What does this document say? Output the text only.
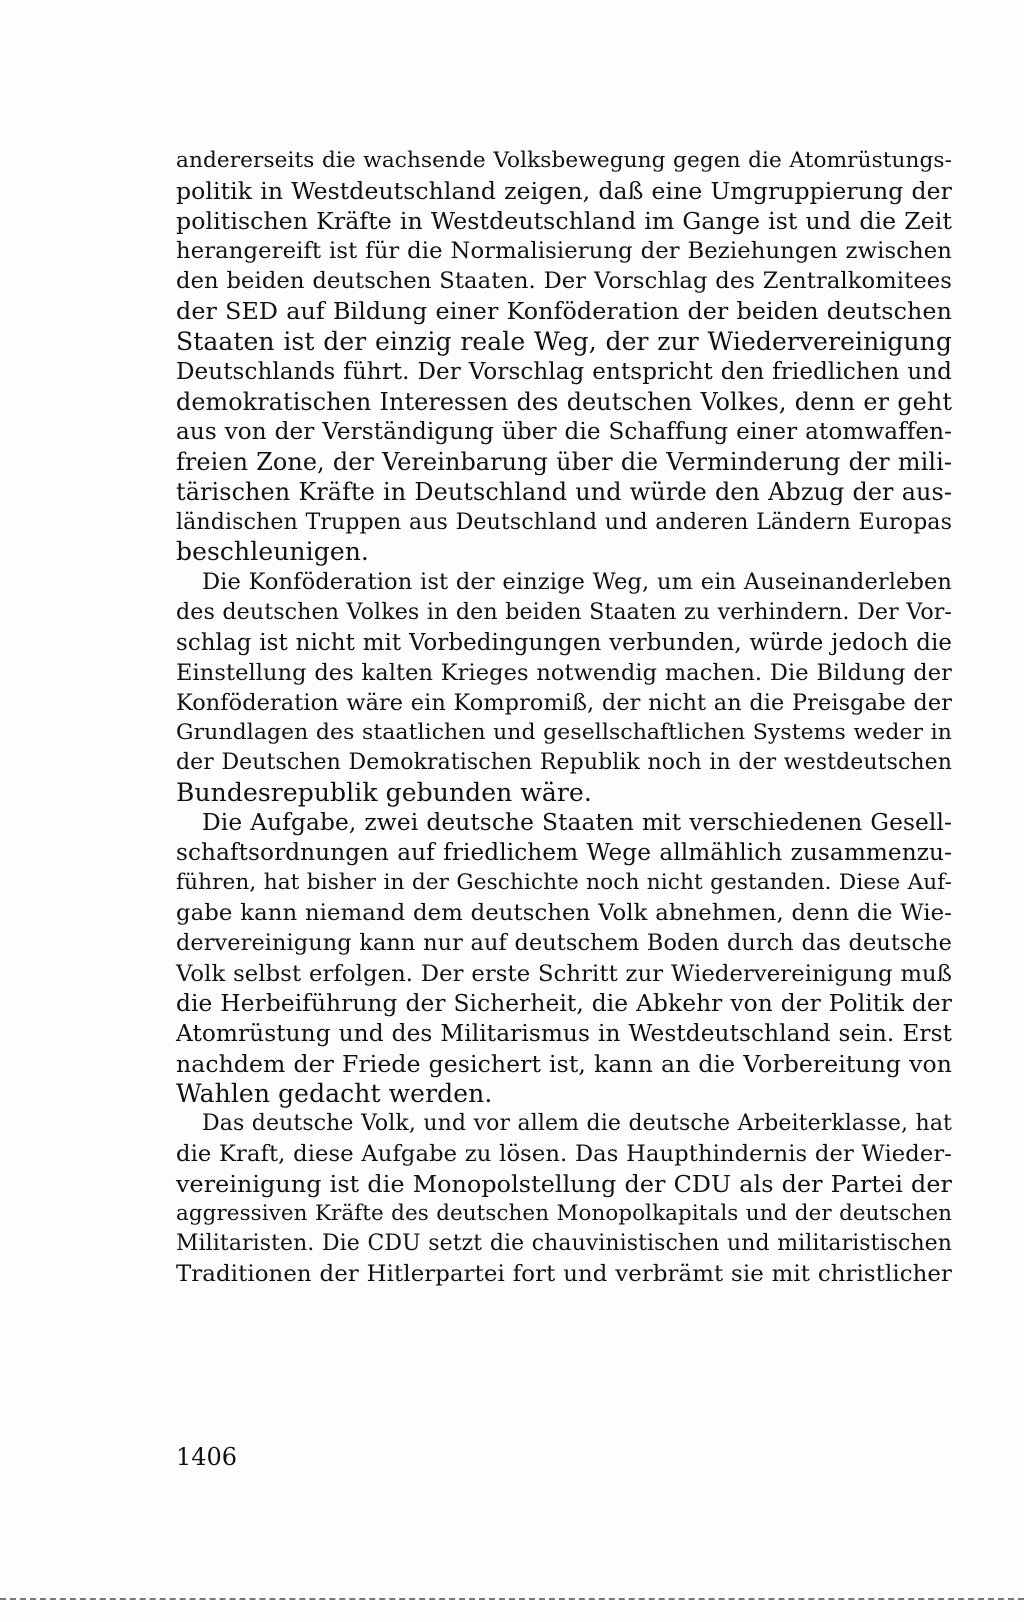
andererseits die wachsende Volksbewegung gegen die Atomrüstungs-
politik in Westdeutschland zeigen, daß eine Umgruppierung der
politischen Kräfte in Westdeutschland im Gange ist und die Zeit
herangereift ist für die Normalisierung der Beziehungen zwischen
den beiden deutschen Staaten. Der Vorschlag des Zentralkomitees
der SED auf Bildung einer Konföderation der beiden deutschen
Staaten ist der einzig reale Weg, der zur Wiedervereinigung
Deutschlands führt. Der Vorschlag entspricht den friedlichen und
demokratischen Interessen des deutschen Volkes, denn er geht
aus von der Verständigung über die Schaffung einer atomwaffen-
freien Zone, der Vereinbarung über die Verminderung der mili-
tärischen Kräfte in Deutschland und würde den Abzug der aus-
ländischen Truppen aus Deutschland und anderen Ländern Europas
beschleunigen.
Die Konföderation ist der einzige Weg, um ein Auseinanderleben
des deutschen Volkes in den beiden Staaten zu verhindern. Der Vor-
schlag ist nicht mit Vorbedingungen verbunden, würde jedoch die
Einstellung des kalten Krieges notwendig machen. Die Bildung der
Konföderation wäre ein Kompromiß, der nicht an die Preisgabe der
Grundlagen des staatlichen und gesellschaftlichen Systems weder in
der Deutschen Demokratischen Republik noch in der westdeutschen
Bundesrepublik gebunden wäre.
Die Aufgabe, zwei deutsche Staaten mit verschiedenen Gesell-
schaftsordnungen auf friedlichem Wege allmählich zusammenzu-
führen, hat bisher in der Geschichte noch nicht gestanden. Diese Auf-
gabe kann niemand dem deutschen Volk abnehmen, denn die Wie-
dervereinigung kann nur auf deutschem Boden durch das deutsche
Volk selbst erfolgen. Der erste Schritt zur Wiedervereinigung muß
die Herbeiführung der Sicherheit, die Abkehr von der Politik der
Atomrüstung und des Militarismus in Westdeutschland sein. Erst
nachdem der Friede gesichert ist, kann an die Vorbereitung von
Wahlen gedacht werden.
Das deutsche Volk, und vor allem die deutsche Arbeiterklasse, hat
die Kraft, diese Aufgabe zu lösen. Das Haupthindernis der Wieder-
vereinigung ist die Monopolstellung der CDU als der Partei der
aggressiven Kräfte des deutschen Monopolkapitals und der deutschen
Militaristen. Die CDU setzt die chauvinistischen und militaristischen
Traditionen der Hitlerpartei fort und verbrämt sie mit christlicher
1406
